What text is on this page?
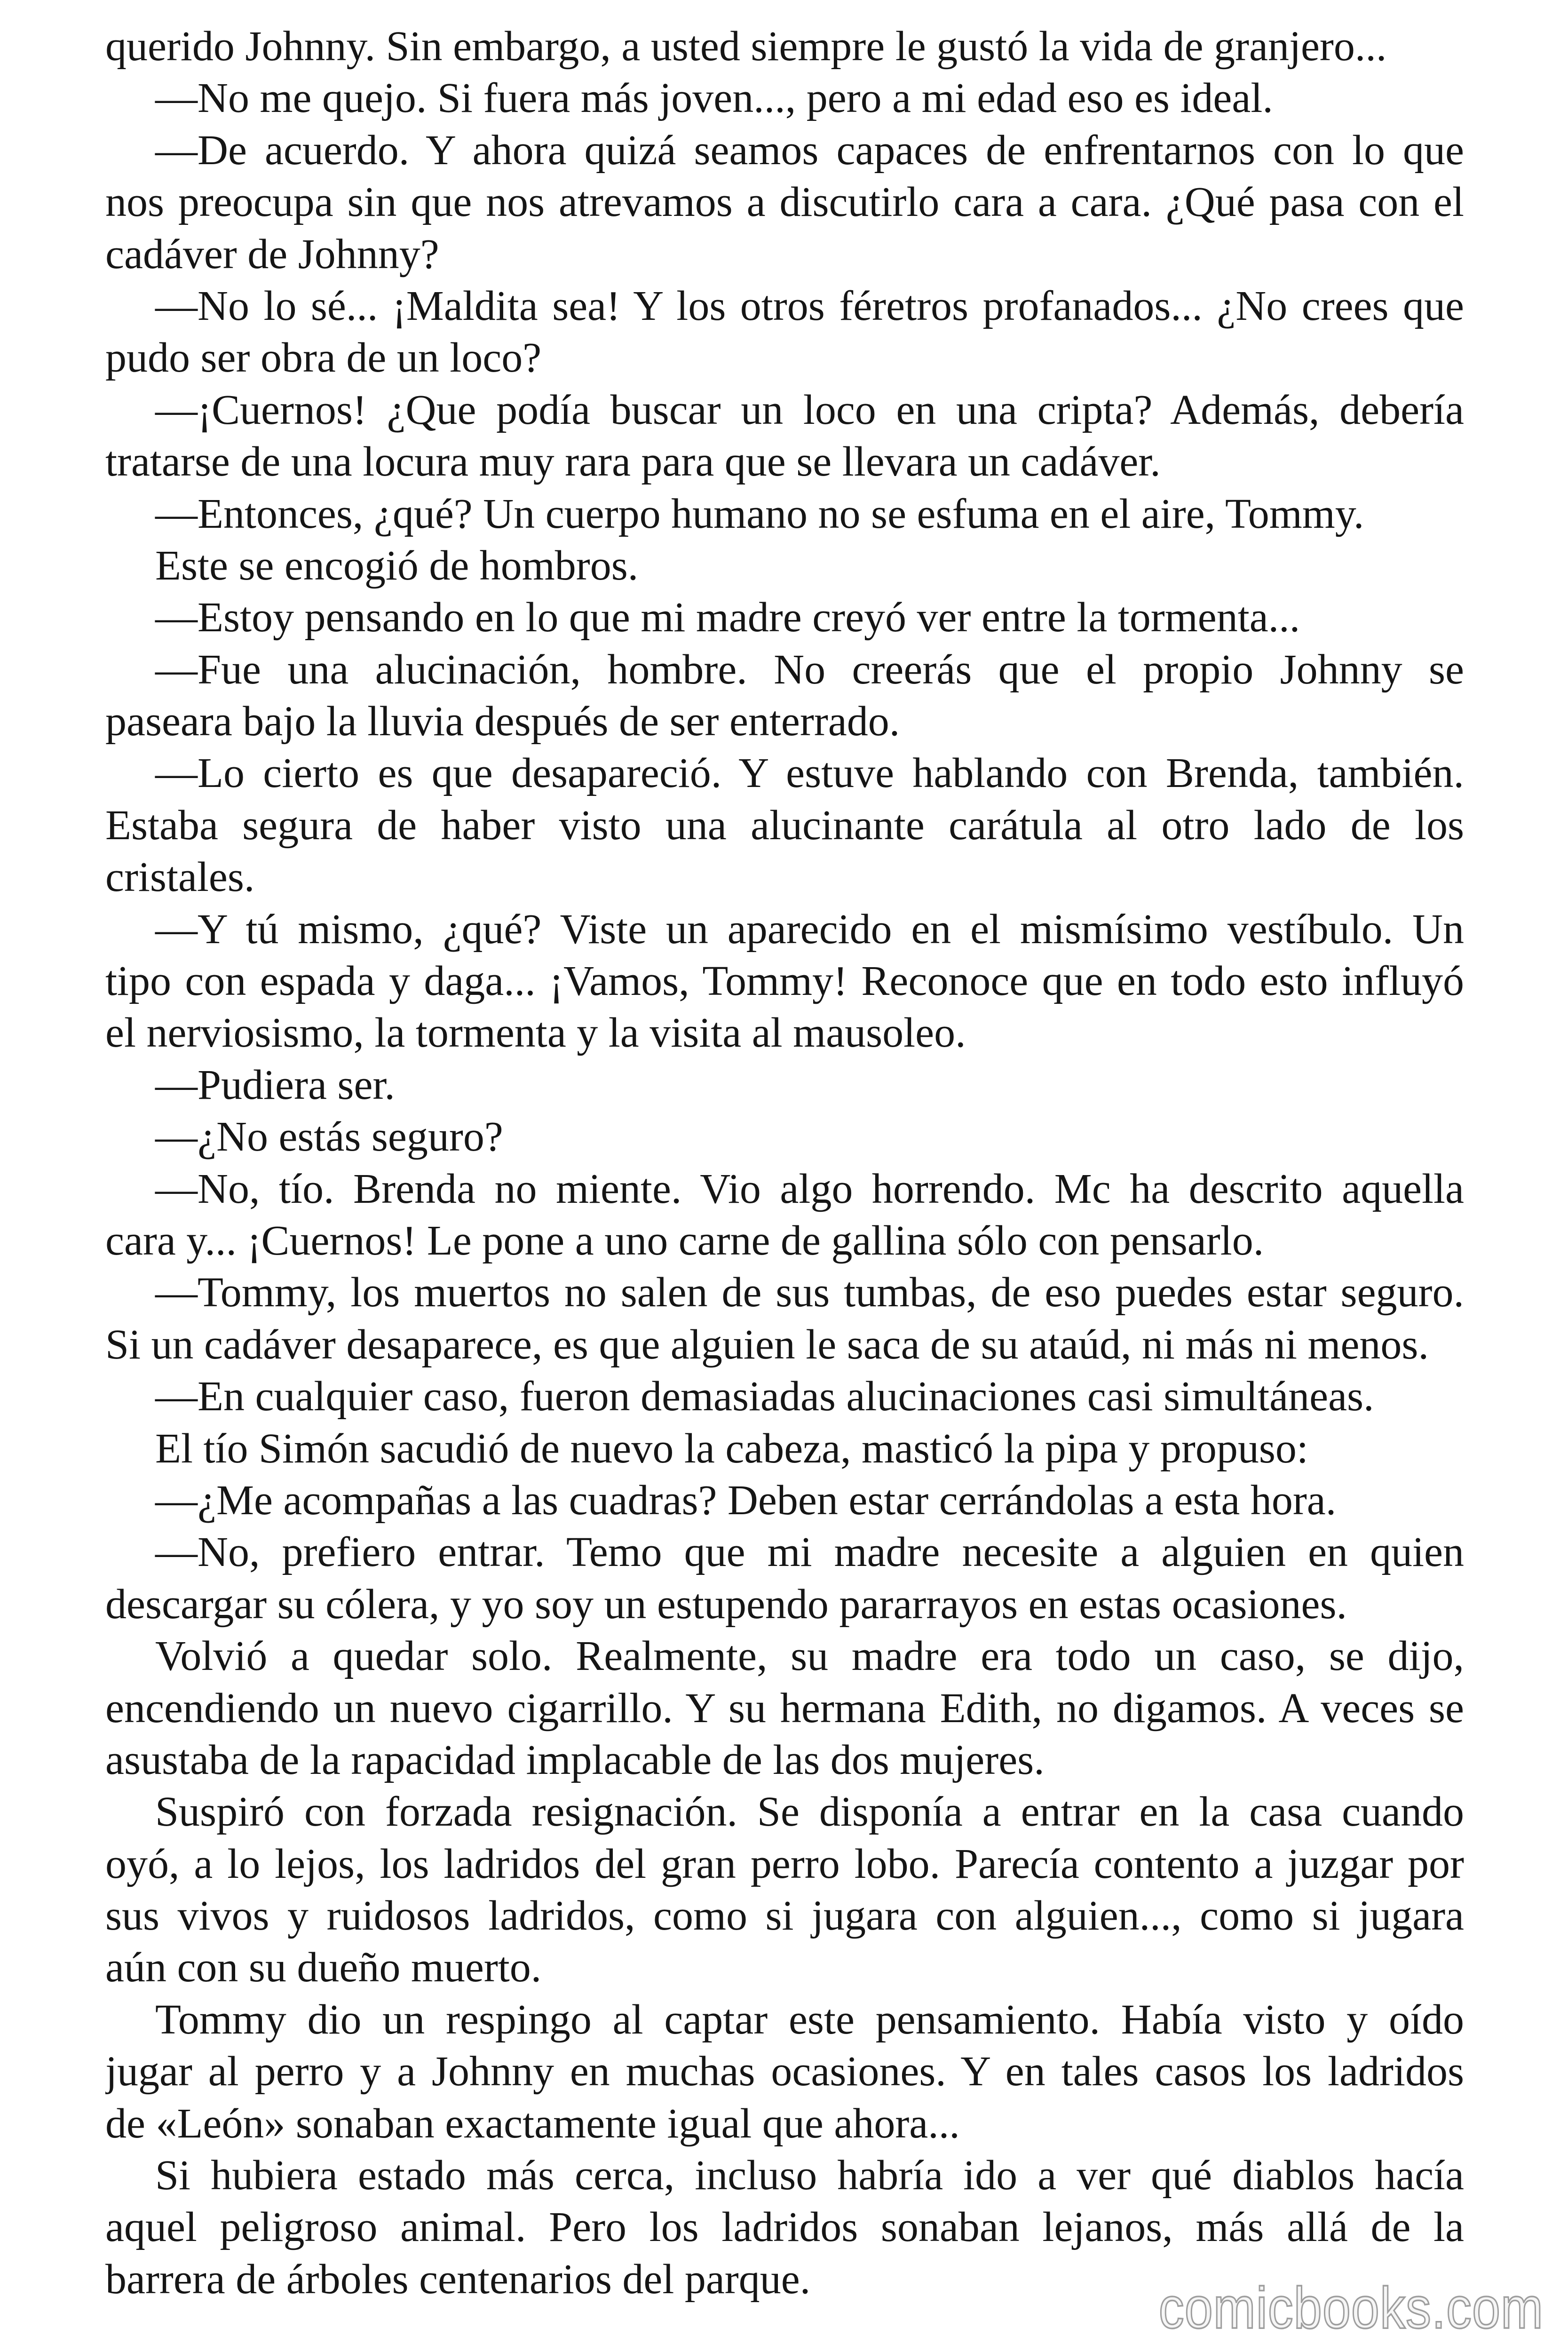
querido Johnny. Sin embargo, a usted siempre le gustó la vida de granjero...
—No me quejo. Si fuera más joven..., pero a mi edad eso es ideal.
—De acuerdo. Y ahora quizá seamos capaces de enfrentarnos con lo que
nos preocupa sin que nos atrevamos a discutirlo cara a cara. ¿Qué pasa con el
cadáver de Johnny?
—No lo sé... ¡Maldita sea! Y los otros féretros profanados... ¿No crees que
pudo ser obra de un loco?
—¡Cuernos! ¿Que podía buscar un loco en una cripta? Además, debería
tratarse de una locura muy rara para que se llevara un cadáver.
—Entonces, ¿qué? Un cuerpo humano no se esfuma en el aire, Tommy.
Este se encogió de hombros.
—Estoy pensando en lo que mi madre creyó ver entre la tormenta...
—Fue una alucinación, hombre. No creerás que el propio Johnny se
paseara bajo la lluvia después de ser enterrado.
—Lo cierto es que desapareció. Y estuve hablando con Brenda, también.
Estaba segura de haber visto una alucinante carátula al otro lado de los
cristales.
—Y tú mismo, ¿qué? Viste un aparecido en el mismísimo vestíbulo. Un
tipo con espada y daga... ¡Vamos, Tommy! Reconoce que en todo esto influyó
el nerviosismo, la tormenta y la visita al mausoleo.
—Pudiera ser.
—¿No estás seguro?
—No, tío. Brenda no miente. Vio algo horrendo. Mc ha descrito aquella
cara y... ¡Cuernos! Le pone a uno carne de gallina sólo con pensarlo.
—Tommy, los muertos no salen de sus tumbas, de eso puedes estar seguro.
Si un cadáver desaparece, es que alguien le saca de su ataúd, ni más ni menos.
—En cualquier caso, fueron demasiadas alucinaciones casi simultáneas.
El tío Simón sacudió de nuevo la cabeza, masticó la pipa y propuso:
—¿Me acompañas a las cuadras? Deben estar cerrándolas a esta hora.
—No, prefiero entrar. Temo que mi madre necesite a alguien en quien
descargar su cólera, y yo soy un estupendo pararrayos en estas ocasiones.
Volvió a quedar solo. Realmente, su madre era todo un caso, se dijo,
encendiendo un nuevo cigarrillo. Y su hermana Edith, no digamos. A veces se
asustaba de la rapacidad implacable de las dos mujeres.
Suspiró con forzada resignación. Se disponía a entrar en la casa cuando
oyó, a lo lejos, los ladridos del gran perro lobo. Parecía contento a juzgar por
sus vivos y ruidosos ladridos, como si jugara con alguien..., como si jugara
aún con su dueño muerto.
Tommy dio un respingo al captar este pensamiento. Había visto y oído
jugar al perro y a Johnny en muchas ocasiones. Y en tales casos los ladridos
de «León» sonaban exactamente igual que ahora...
Si hubiera estado más cerca, incluso habría ido a ver qué diablos hacía
aquel peligroso animal. Pero los ladridos sonaban lejanos, más allá de la
barrera de árboles centenarios del parque.	comicbooks.com
